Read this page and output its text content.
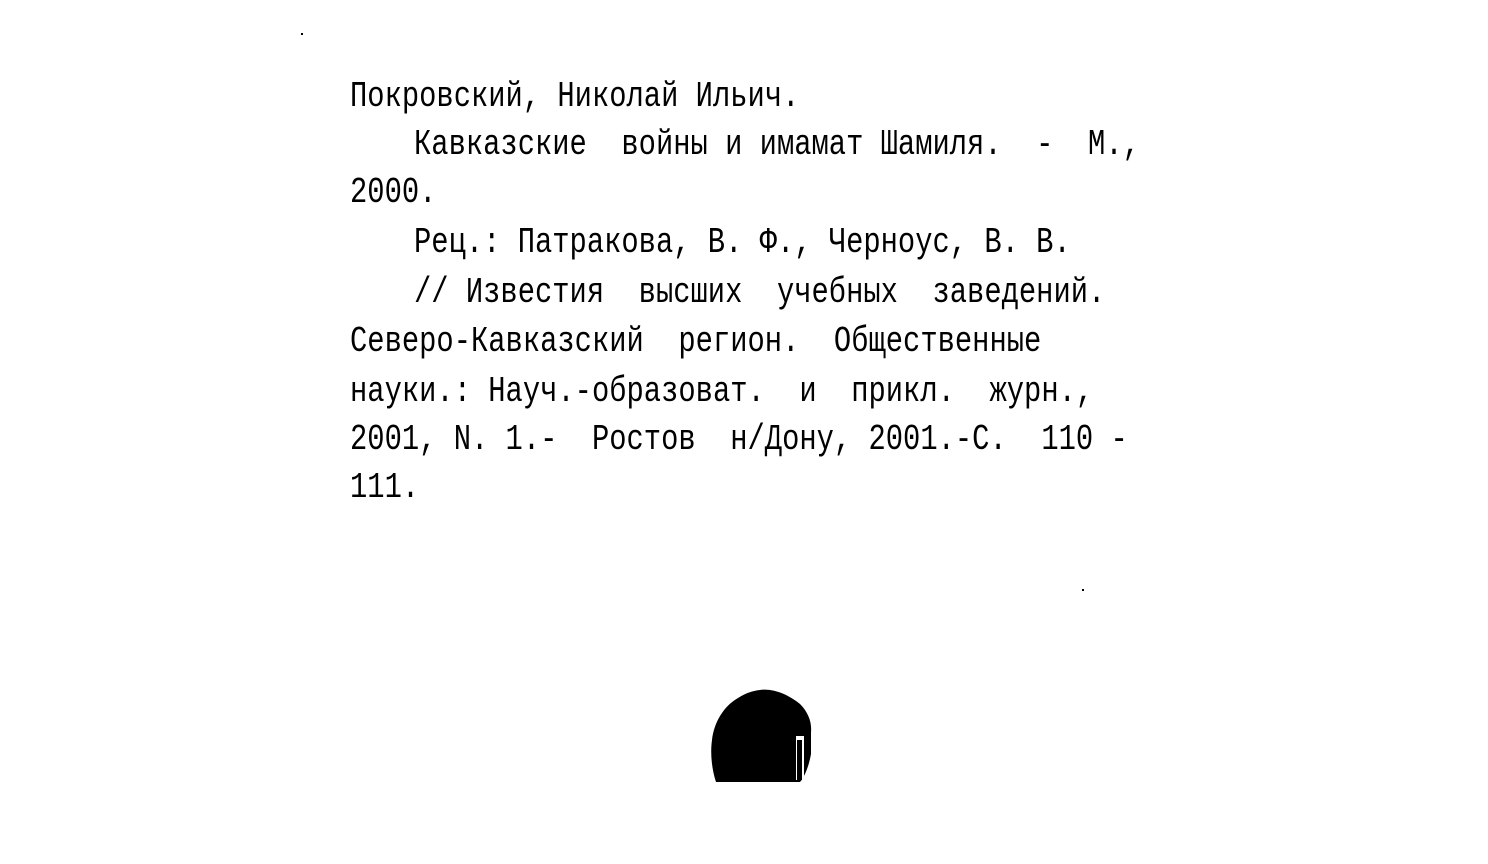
Покровский, Николай Ильич.
Кавказские  войны и имамат Шамиля.  -  М.,
2000.
Рец.: Патракова, В. Ф., Черноус, В. В.
// Известия  высших  учебных  заведений.
Северо-Кавказский  регион.  Общественные
науки.: Науч.-образоват.  и  прикл.  журн.,
2001, N. 1.-  Ростов  н/Дону, 2001.-С.  110 -
111.
